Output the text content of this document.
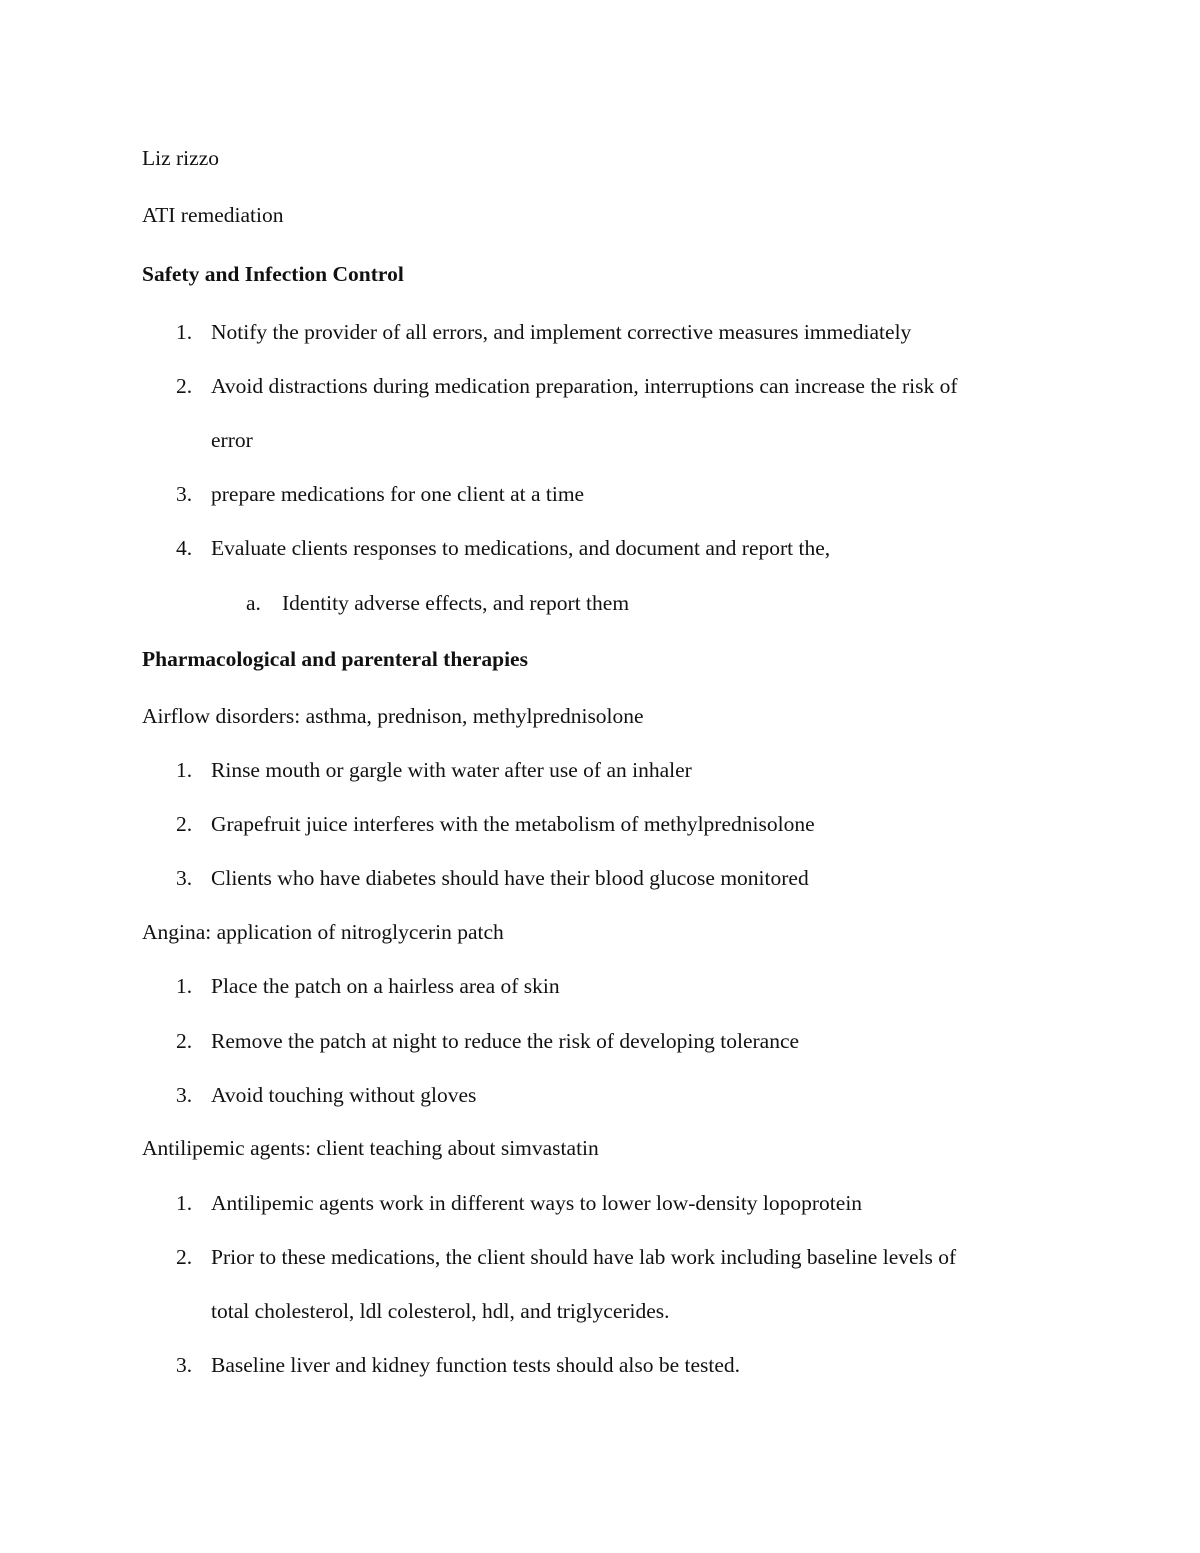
Liz rizzo
ATI remediation
Safety and Infection Control
1. Notify the provider of all errors, and implement corrective measures immediately
2. Avoid distractions during medication preparation, interruptions can increase the risk of
error
3. prepare medications for one client at a time
4. Evaluate clients responses to medications, and document and report the,
a. Identity adverse effects, and report them
Pharmacological and parenteral therapies
Airflow disorders: asthma, prednison, methylprednisolone
1. Rinse mouth or gargle with water after use of an inhaler
2. Grapefruit juice interferes with the metabolism of methylprednisolone
3. Clients who have diabetes should have their blood glucose monitored
Angina: application of nitroglycerin patch
1. Place the patch on a hairless area of skin
2. Remove the patch at night to reduce the risk of developing tolerance
3. Avoid touching without gloves
Antilipemic agents: client teaching about simvastatin
1. Antilipemic agents work in different ways to lower low-density lopoprotein
2. Prior to these medications, the client should have lab work including baseline levels of
total cholesterol, ldl colesterol, hdl, and triglycerides.
3. Baseline liver and kidney function tests should also be tested.
